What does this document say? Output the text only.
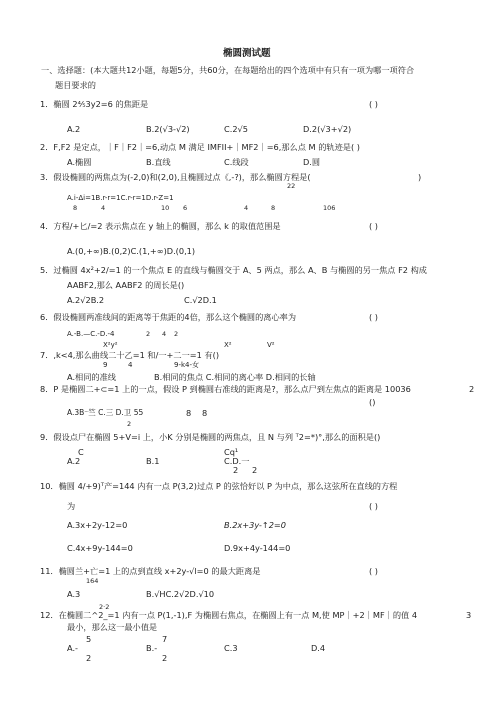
椭圆测试题
一、选择题：(本大题共12小题，每题5分，共60分，在每题给出的四个选项中有只有一项为哪一项符合
题目要求的
1．椭圆 2⅘3y2=6 的焦距是	( )
A.2	B.2(√3-√2)	C.2√5	D.2(√3+√2)
2．F,F2 是定点，｜F｜F2｜=6,动点 M 满足 IMFII+｜MF2｜=6,那么点 M 的轨迹是( )
A.椭圆	B.直线	C.线段	D.圆
3．假设椭圆的两焦点为(-2,0)和(2,0),且椭圆过点《,-?)，那么椭圆方程是(	)
22
A.i-Δi=1B.r-r=1C.r-r=1D.r-Z=1
8	4	10 6	4	8	106
4．方程/+匕/=2 表示焦点在 y 轴上的椭圆，那么 k 的取值范围是	( )
A.(0,+∞)B.(0,2)C.(1,+∞)D.(0,1)
5．过椭圆 4x²+2/=1 的一个焦点 E 的直线与椭圆交于 A、5 两点，那么 A、B 与椭圆的另一焦点 F2 构成
AABF2,那么 AABF2 的周长是()
A.2√2B.2	C.√2D.1
6．假设椭圆两准线间的距离等于焦距的4倍，那么这个椭圆的离心率为	( )
A.-B.—C.-D.-4	2 4 2
X²y²	X²	V²
7．,k<4,那么曲线二十乙=1 和/一+二一=1 有()
9	4	9-k4-女
A.相同的准线	B.相同的焦点 C.相同的离心率 D.相同的长轴
8．P 是椭圆二+⊂=1 上的一点，假设 P 到椭圆右准线的距离是?，那么点尸到左焦点的距离是 10036	2
()
A.3B⁻竺 C.三 D.卫 55	8 8
2
9．假设点尸在椭圆 5+V=i 上，小K 分别是椭圆的两焦点，且 N 与列 ᵀ2=*)°,那么的面积是()
C	Cq¹
A.2	B.1	C.D.一
2 2
10．椭圆 4/+9)ᵀ产=144 内有一点 P(3,2)过点 P 的弦恰好以 P 为中点，那么这弦所在直线的方程
为	( )
A.3x+2y-12=0	B.2x+3y-↑2=0
C.4x+9y-144=0	D.9x+4y-144=0
11．椭圆兰+亡=1 上的点到直线 x+2y-√l=0 的最大距离是	( )
164
A.3	B.√HC.2√2D.√10
2·2
12．在椭圆二^2_=1 内有一点 P(1,-1),F 为椭圆右焦点，在椭圆上有一点 M,使 MP｜+2｜MF｜的值 4	3
最小，那么这一最小值是
5	7
A.-	B.-	C.3	D.4
2	2
